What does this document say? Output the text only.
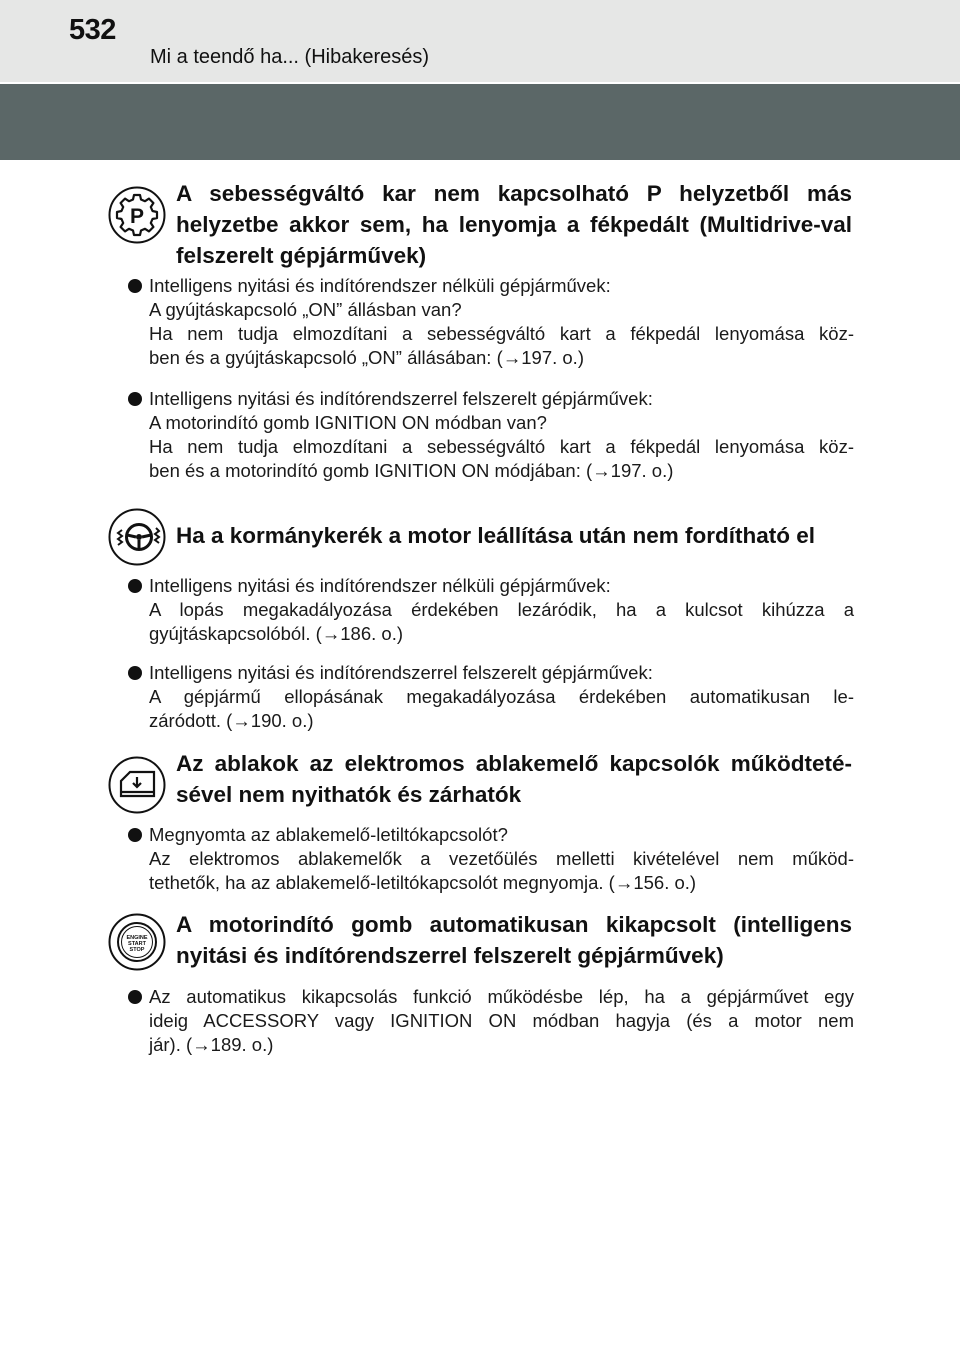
532
Mi a teendő ha... (Hibakeresés)
P
A sebességváltó kar nem kapcsolható P helyzetből más
helyzetbe akkor sem, ha lenyomja a fékpedált (Multidrive-val
felszerelt gépjárművek)
Intelligens nyitási és indítórendszer nélküli gépjárművek:
A gyújtáskapcsoló „ON” állásban van?
Ha nem tudja elmozdítani a sebességváltó kart a fékpedál lenyomása köz-
ben és a gyújtáskapcsoló „ON” állásában: (→197. o.)
Intelligens nyitási és indítórendszerrel felszerelt gépjárművek:
A motorindító gomb IGNITION ON módban van?
Ha nem tudja elmozdítani a sebességváltó kart a fékpedál lenyomása köz-
ben és a motorindító gomb IGNITION ON módjában: (→197. o.)
Ha a kormánykerék a motor leállítása után nem fordítható el
Intelligens nyitási és indítórendszer nélküli gépjárművek:
A lopás megakadályozása érdekében lezáródik, ha a kulcsot kihúzza a
gyújtáskapcsolóból. (→186. o.)
Intelligens nyitási és indítórendszerrel felszerelt gépjárművek:
A gépjármű ellopásának megakadályozása érdekében automatikusan le-
záródott. (→190. o.)
Az ablakok az elektromos ablakemelő kapcsolók működteté-
sével nem nyithatók és zárhatók
Megnyomta az ablakemelő-letiltókapcsolót?
Az elektromos ablakemelők a vezetőülés melletti kivételével nem működ-
tethetők, ha az ablakemelő-letiltókapcsolót megnyomja. (→156. o.)
ENGINE
START
STOP
A motorindító gomb automatikusan kikapcsolt (intelligens
nyitási és indítórendszerrel felszerelt gépjárművek)
Az automatikus kikapcsolás funkció működésbe lép, ha a gépjárművet egy
ideig ACCESSORY vagy IGNITION ON módban hagyja (és a motor nem
jár). (→189. o.)
